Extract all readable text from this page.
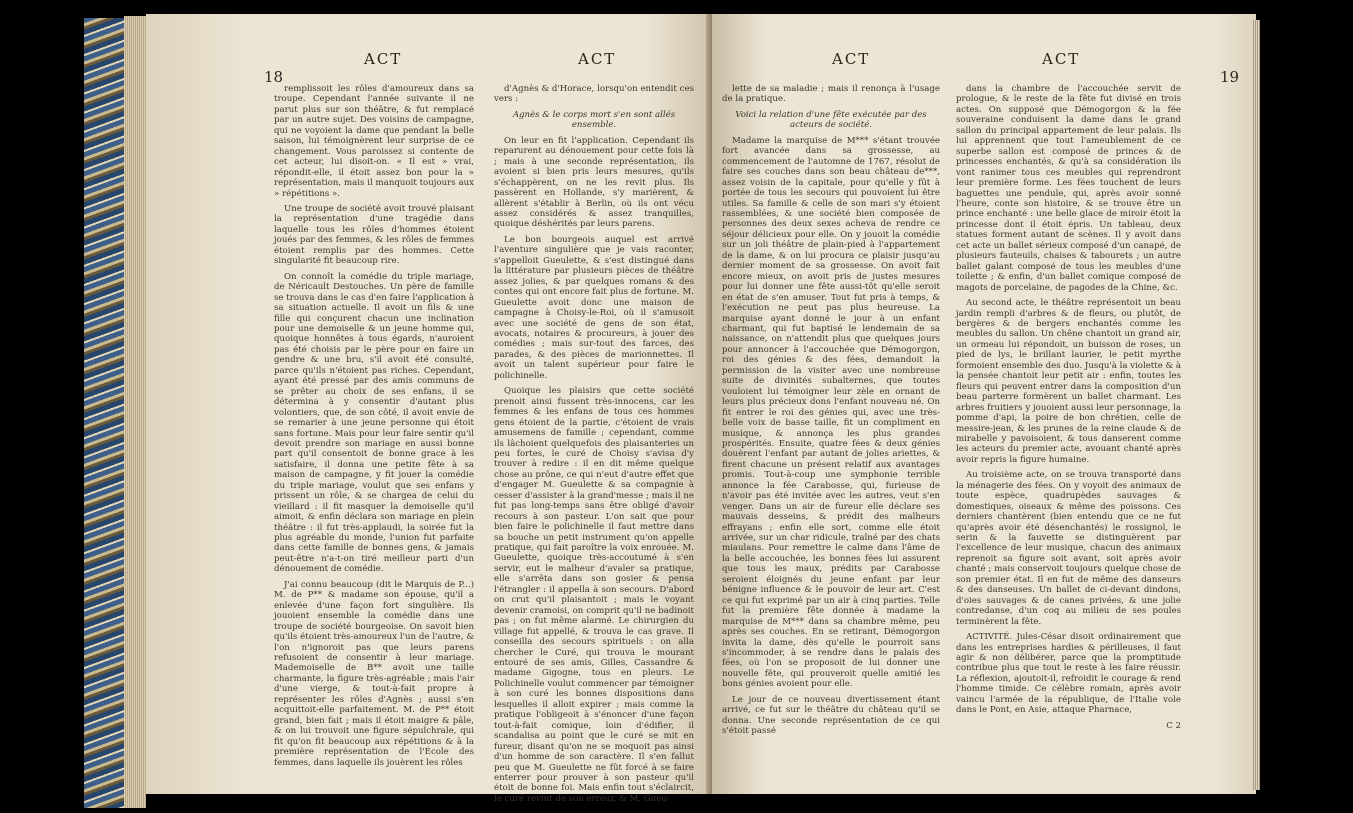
18
ACT	ACT

remplissoit les rôles d'amoureux dans sa troupe. Cependant l'année suivante il ne parut plus sur son théâtre, & fut remplacé par un autre sujet. Des voisins de campagne, qui ne voyoient la dame que pendant la belle saison, lui témoignèrent leur surprise de ce changement. Vous paroissez si contente de cet acteur, lui disoit-on. « Il est » vrai, répondit-elle, il étoit assez bon pour la » représentation, mais il manquoit toujours aux » répétitions ».

Une troupe de société avoit trouvé plaisant la représentation d'une tragédie dans laquelle tous les rôles d'hommes étoient joués par des femmes, & les rôles de femmes étoient remplis par des hommes. Cette singularité fit beaucoup rire.

On connoît la comédie du triple mariage, de Néricault Destouches. Un père de famille se trouva dans le cas d'en faire l'application à sa situation actuelle. Il avoit un fils & une fille qui conçurent chacun une inclination pour une demoiselle & un jeune homme qui, quoique honnêtes à tous égards, n'auroient pas été choisis par le père pour en faire un gendre & une bru, s'il avoit été consulté, parce qu'ils n'étoient pas riches. Cependant, ayant été pressé par des amis communs de se prêter au choix de ses enfans, il se détermina à y consentir d'autant plus volontiers, que, de son côté, il avoit envie de se remarier à une jeune personne qui étoit sans fortune. Mais pour leur faire sentir qu'il devoit prendre son mariage en aussi bonne part qu'il consentoit de bonne grace à les satisfaire, il donna une petite fête à sa maison de campagne, y fit jouer la comédie du triple mariage, voulut que ses enfans y prissent un rôle, & se chargea de celui du vieillard : il fit masquer la demoiselle qu'il aimoit, & enfin déclara son mariage en plein théâtre : il fut très-applaudi, la soirée fut la plus agréable du monde, l'union fut parfaite dans cette famille de bonnes gens, & jamais peut-être n'a-t-on tiré meilleur parti d'un dénouement de comédie.

J'ai connu beaucoup (dit le Marquis de P...) M. de P** & madame son épouse, qu'il a enlevée d'une façon fort singulière. Ils jouoient ensemble la comédie dans une troupe de société bourgeoise. On savoit bien qu'ils étoient très-amoureux l'un de l'autre, & l'on n'ignoroit pas que leurs parens refusoient de consentir à leur mariage. Mademoiselle de B** avoit une taille charmante, la figure très-agréable ; mais l'air d'une vierge, & tout-à-fait propre à représenter les rôles d'Agnès ; aussi s'en acquittoit-elle parfaitement. M. de P** étoit grand, bien fait ; mais il étoit maigre & pâle, & on lui trouvoit une figure sépulchrale, qui fit qu'on fit beaucoup aux répétitions & à la première représentation de l'École des femmes, dans laquelle ils jouèrent les rôles

d'Agnès & d'Horace, lorsqu'on entendit ces vers :

Agnès & le corps mort s'en sont allés ensemble.

On leur en fit l'application. Cependant ils reparurent au dénouement pour cette fois là ; mais à une seconde représentation, ils avoient si bien pris leurs mesures, qu'ils s'échappèrent, on ne les revit plus. Ils passèrent en Hollande, s'y marièrent, & allèrent s'établir à Berlin, où ils ont vécu assez considérés & assez tranquilles, quoique déshérités par leurs parens.

Le bon bourgeois auquel est arrivé l'aventure singulière que je vais raconter, s'appelloit Gueulette, & s'est distingué dans la littérature par plusieurs pièces de théâtre assez jolies, & par quelques romans & des contes qui ont encore fait plus de fortune. M. Gueulette avoit donc une maison de campagne à Choisy-le-Roi, où il s'amusoit avec une société de gens de son état, avocats, notaires & procureurs, à jouer des comédies ; mais sur-tout des farces, des parades, & des pièces de marionnettes. Il avoit un talent supérieur pour faire le polichinelle.

Quoique les plaisirs que cette société prenoit ainsi fussent très-innocens, car les femmes & les enfans de tous ces hommes gens étoient de la partie, c'étoient de vrais amusemens de famille ; cependant, comme ils lâchoient quelquefois des plaisanteries un peu fortes, le curé de Choisy s'avisa d'y trouver à redire : il en dit même quelque chose au prône, ce qui n'eut d'autre effet que d'engager M. Gueulette & sa compagnie à cesser d'assister à la grand'messe ; mais il ne fut pas long-temps sans être obligé d'avoir recours à son pasteur. L'on sait que pour bien faire le polichinelle il faut mettre dans sa bouche un petit instrument qu'on appelle pratique, qui fait paroître la voix enrouée. M. Gueulette, quoique très-accoutumé à s'en servir, eut le malheur d'avaler sa pratique, elle s'arrêta dans son gosier & pensa l'étrangler : il appella à son secours. D'abord on crut qu'il plaisantoit ; mais le voyant devenir cramoisi, on comprit qu'il ne badinoit pas ; on fut même alarmé. Le chirurgien du village fut appellé, & trouva le cas grave. Il conseilla des secours spirituels : on alla chercher le Curé, qui trouva le mourant entouré de ses amis, Gilles, Cassandre & madame Gigogne, tous en pleurs. Le Polichinelle voulut commencer par témoigner à son curé les bonnes dispositions dans lesquelles il alloit expirer ; mais comme la pratique l'obligeoit à s'énoncer d'une façon tout-à-fait comique, loin d'édifier, il scandalisa au point que le curé se mit en fureur, disant qu'on ne se moquoit pas ainsi d'un homme de son caractère. Il s'en fallut peu que M. Gueulette ne fût forcé à se faire enterrer pour prouver à son pasteur qu'il étoit de bonne foi. Mais enfin tout s'éclaircit, le curé revint de son erreur, & M. Gueu-

ACT	ACT
19

lette de sa maladie ; mais il renonça à l'usage de la pratique.

Voici la relation d'une fête exécutée par des acteurs de société.

Madame la marquise de M*** s'étant trouvée fort avancée dans sa grossesse, au commencement de l'automne de 1767, résolut de faire ses couches dans son beau château de***, assez voisin de la capitale, pour qu'elle y fût à portée de tous les secours qui pouvoient lui être utiles. Sa famille & celle de son mari s'y étoient rassemblées, & une société bien composée de personnes des deux sexes acheva de rendre ce séjour délicieux pour elle. On y jouoit la comédie sur un joli théâtre de plain-pied à l'appartement de la dame, & on lui procura ce plaisir jusqu'au dernier moment de sa grossesse. On avoit fait encore mieux, on avoit pris de justes mesures pour lui donner une fête aussi-tôt qu'elle seroit en état de s'en amuser. Tout fut pris à temps, & l'exécution ne peut pas plus heureuse. La marquise ayant donné le jour à un enfant charmant, qui fut baptisé le lendemain de sa naissance, on n'attendit plus que quelques jours pour annoncer à l'accouchée que Démogorgon, roi des génies & des fées, demandoit la permission de la visiter avec une nombreuse suite de divinités subalternes, que toutes vouloient lui témoigner leur zèle en ornant de leurs plus précieux dons l'enfant nouveau né. On fit entrer le roi des génies qui, avec une très-belle voix de basse taille, fit un compliment en musique, & annonça les plus grandes prospérités. Ensuite, quatre fées & deux génies douèrent l'enfant par autant de jolies ariettes, & firent chacune un présent relatif aux avantages promis. Tout-à-coup une symphonie terrible annonce la fée Carabosse, qui, furieuse de n'avoir pas été invitée avec les autres, veut s'en venger. Dans un air de fureur elle déclare ses mauvais desseins, & prédit des malheurs effrayans ; enfin elle sort, comme elle étoit arrivée, sur un char ridicule, traîné par des chats miaulans. Pour remettre le calme dans l'âme de la belle accouchée, les bonnes fées lui assurent que tous les maux, prédits par Carabosse seroient éloignés du jeune enfant par leur bénigne influence & le pouvoir de leur art. C'est ce qui fut exprimé par un air à cinq parties. Telle fut la première fête donnée à madame la marquise de M*** dans sa chambre même, peu après ses couches. En se retirant, Démogorgon invita la dame, dès qu'elle le pourroit sans s'incommoder, à se rendre dans le palais des fées, où l'on se proposoit de lui donner une nouvelle fête, qui prouveroit quelle amitié les bons génies avoient pour elle.

Le jour de ce nouveau divertissement étant arrivé, ce fut sur le théâtre du château qu'il se donna. Une seconde représentation de ce qui s'étoit passé

dans la chambre de l'accouchée servit de prologue, & le reste de la fête fut divisé en trois actes. On supposé que Démogorgon & la fée souveraine conduisent la dame dans le grand sallon du principal appartement de leur palais. Ils lui apprennent que tout l'ameublement de ce superbe sallon est composé de princes & de princesses enchantés, & qu'à sa considération ils vont ranimer tous ces meubles qui reprendront leur première forme. Les fées touchent de leurs baguettes une pendule, qui, après avoir sonné l'heure, conte son histoire, & se trouve être un prince enchanté : une belle glace de miroir étoit la princesse dont il étoit épris. Un tableau, deux statues forment autant de scènes. Il y avoit dans cet acte un ballet sérieux composé d'un canapé, de plusieurs fauteuils, chaises & tabourets ; un autre ballet galant composé de tous les meubles d'une toilette ; & enfin, d'un ballet comique composé de magots de porcelaine, de pagodes de la Chine, &c.

Au second acte, le théâtre représentoit un beau jardin rempli d'arbres & de fleurs, ou plutôt, de bergères & de bergers enchantés comme les meubles du sallon. Un chêne chantoit un grand air, un ormeau lui répondoit, un buisson de roses, un pied de lys, le brillant laurier, le petit myrthe formoient ensemble des duo. Jusqu'à la violette & à la pensée chantoit leur petit air : enfin, toutes les fleurs qui peuvent entrer dans la composition d'un beau parterre formèrent un ballet charmant. Les arbres fruitiers y jouoient aussi leur personnage, la pomme d'api, la poire de bon chrétien, celle de messire-jean, & les prunes de la reine claude & de mirabelle y pavoisoient, & tous danserent comme les acteurs du premier acte, avouant chanté après avoir repris la figure humaine.

Au troisième acte, on se trouva transporté dans la ménagerie des fées. On y voyoit des animaux de toute espèce, quadrupèdes sauvages & domestiques, oiseaux & même des poissons. Ces derniers chantèrent (bien entendu que ce ne fut qu'après avoir été désenchantés) le rossignol, le serin & la fauvette se distinguèrent par l'excellence de leur musique, chacun des animaux reprenoit sa figure soit avant, soit après avoir chanté ; mais conservoit toujours quelque chose de son premier état. Il en fut de même des danseurs & des danseuses. Un ballet de ci-devant dindons, d'oies sauvages & de canes privées, & une jolie contredanse, d'un coq au milieu de ses poules terminèrent la fête.

ACTIVITÉ. Jules-César disoit ordinairement que dans les entreprises hardies & périlleuses, il faut agir & non délibérer, parce que la promptitude contribue plus que tout le reste à les faire réussir. La réflexion, ajoutoit-il, refroidit le courage & rend l'homme timide. Ce célèbre romain, après avoir vaincu l'armée de la république, de l'Italie vole dans le Pont, en Asie, attaque Pharnace,

C 2
